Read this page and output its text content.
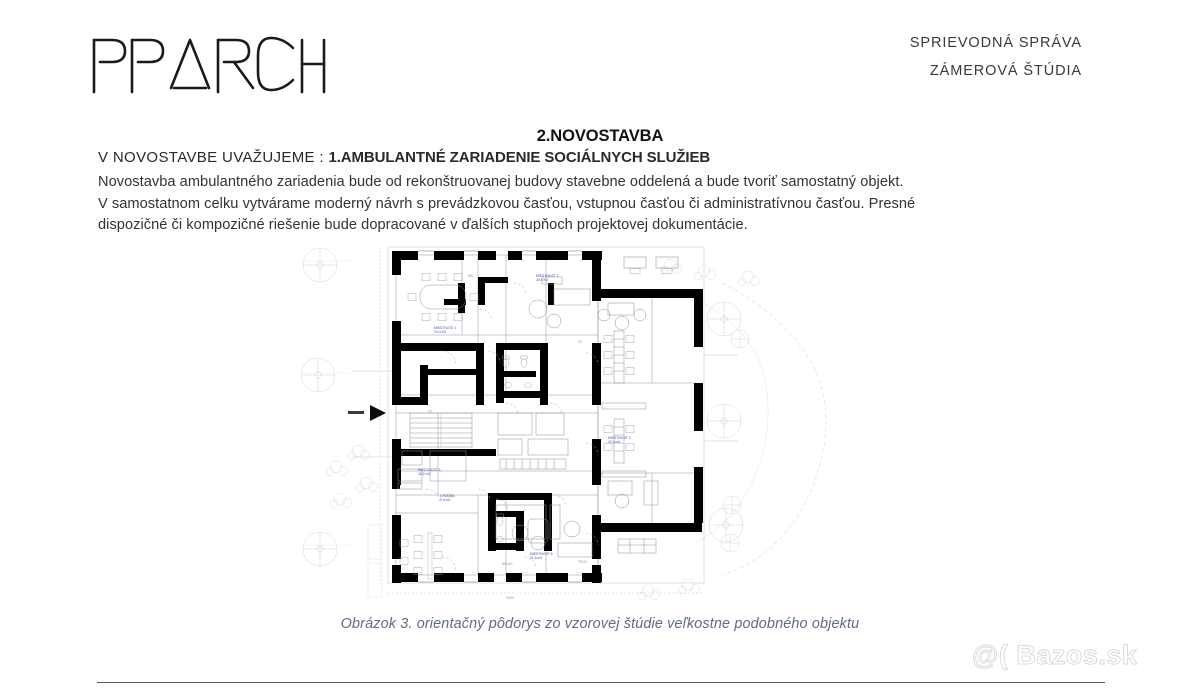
SPRIEVODNÁ SPRÁVA
ZÁMEROVÁ ŠTÚDIA
2.NOVOSTAVBA
V NOVOSTAVBE UVAŽUJEME : 1.AMBULANTNÉ ZARIADENIE SOCIÁLNYCH SLUŽIEB

Novostavba ambulantného zariadenia bude od rekonštruovanej budovy stavebne oddelená a bude tvoriť samostatný objekt.

V samostatnom celku vytvárame moderný návrh s prevádzkovou časťou, vstupnou časťou či administratívnou časťou. Presné

dispozičné či kompozičné riešenie bude dopracované v ďalších stupňoch projektovej dokumentácie.

MIESTNOST 1
24,0 m2
MIESTNOST 2
18,5 m2
MIESTNOST 3
42,0 m2
MIESTNOST 4
15,2 m2
CHODBA
9,4 m2
MIESTNOST 6
21,8 m2
WC
S1
30,60
ST
SKLAD	TECH
Obrázok 3. orientačný pôdorys zo vzorovej štúdie veľkostne podobného objektu
@( Bazos.sk
